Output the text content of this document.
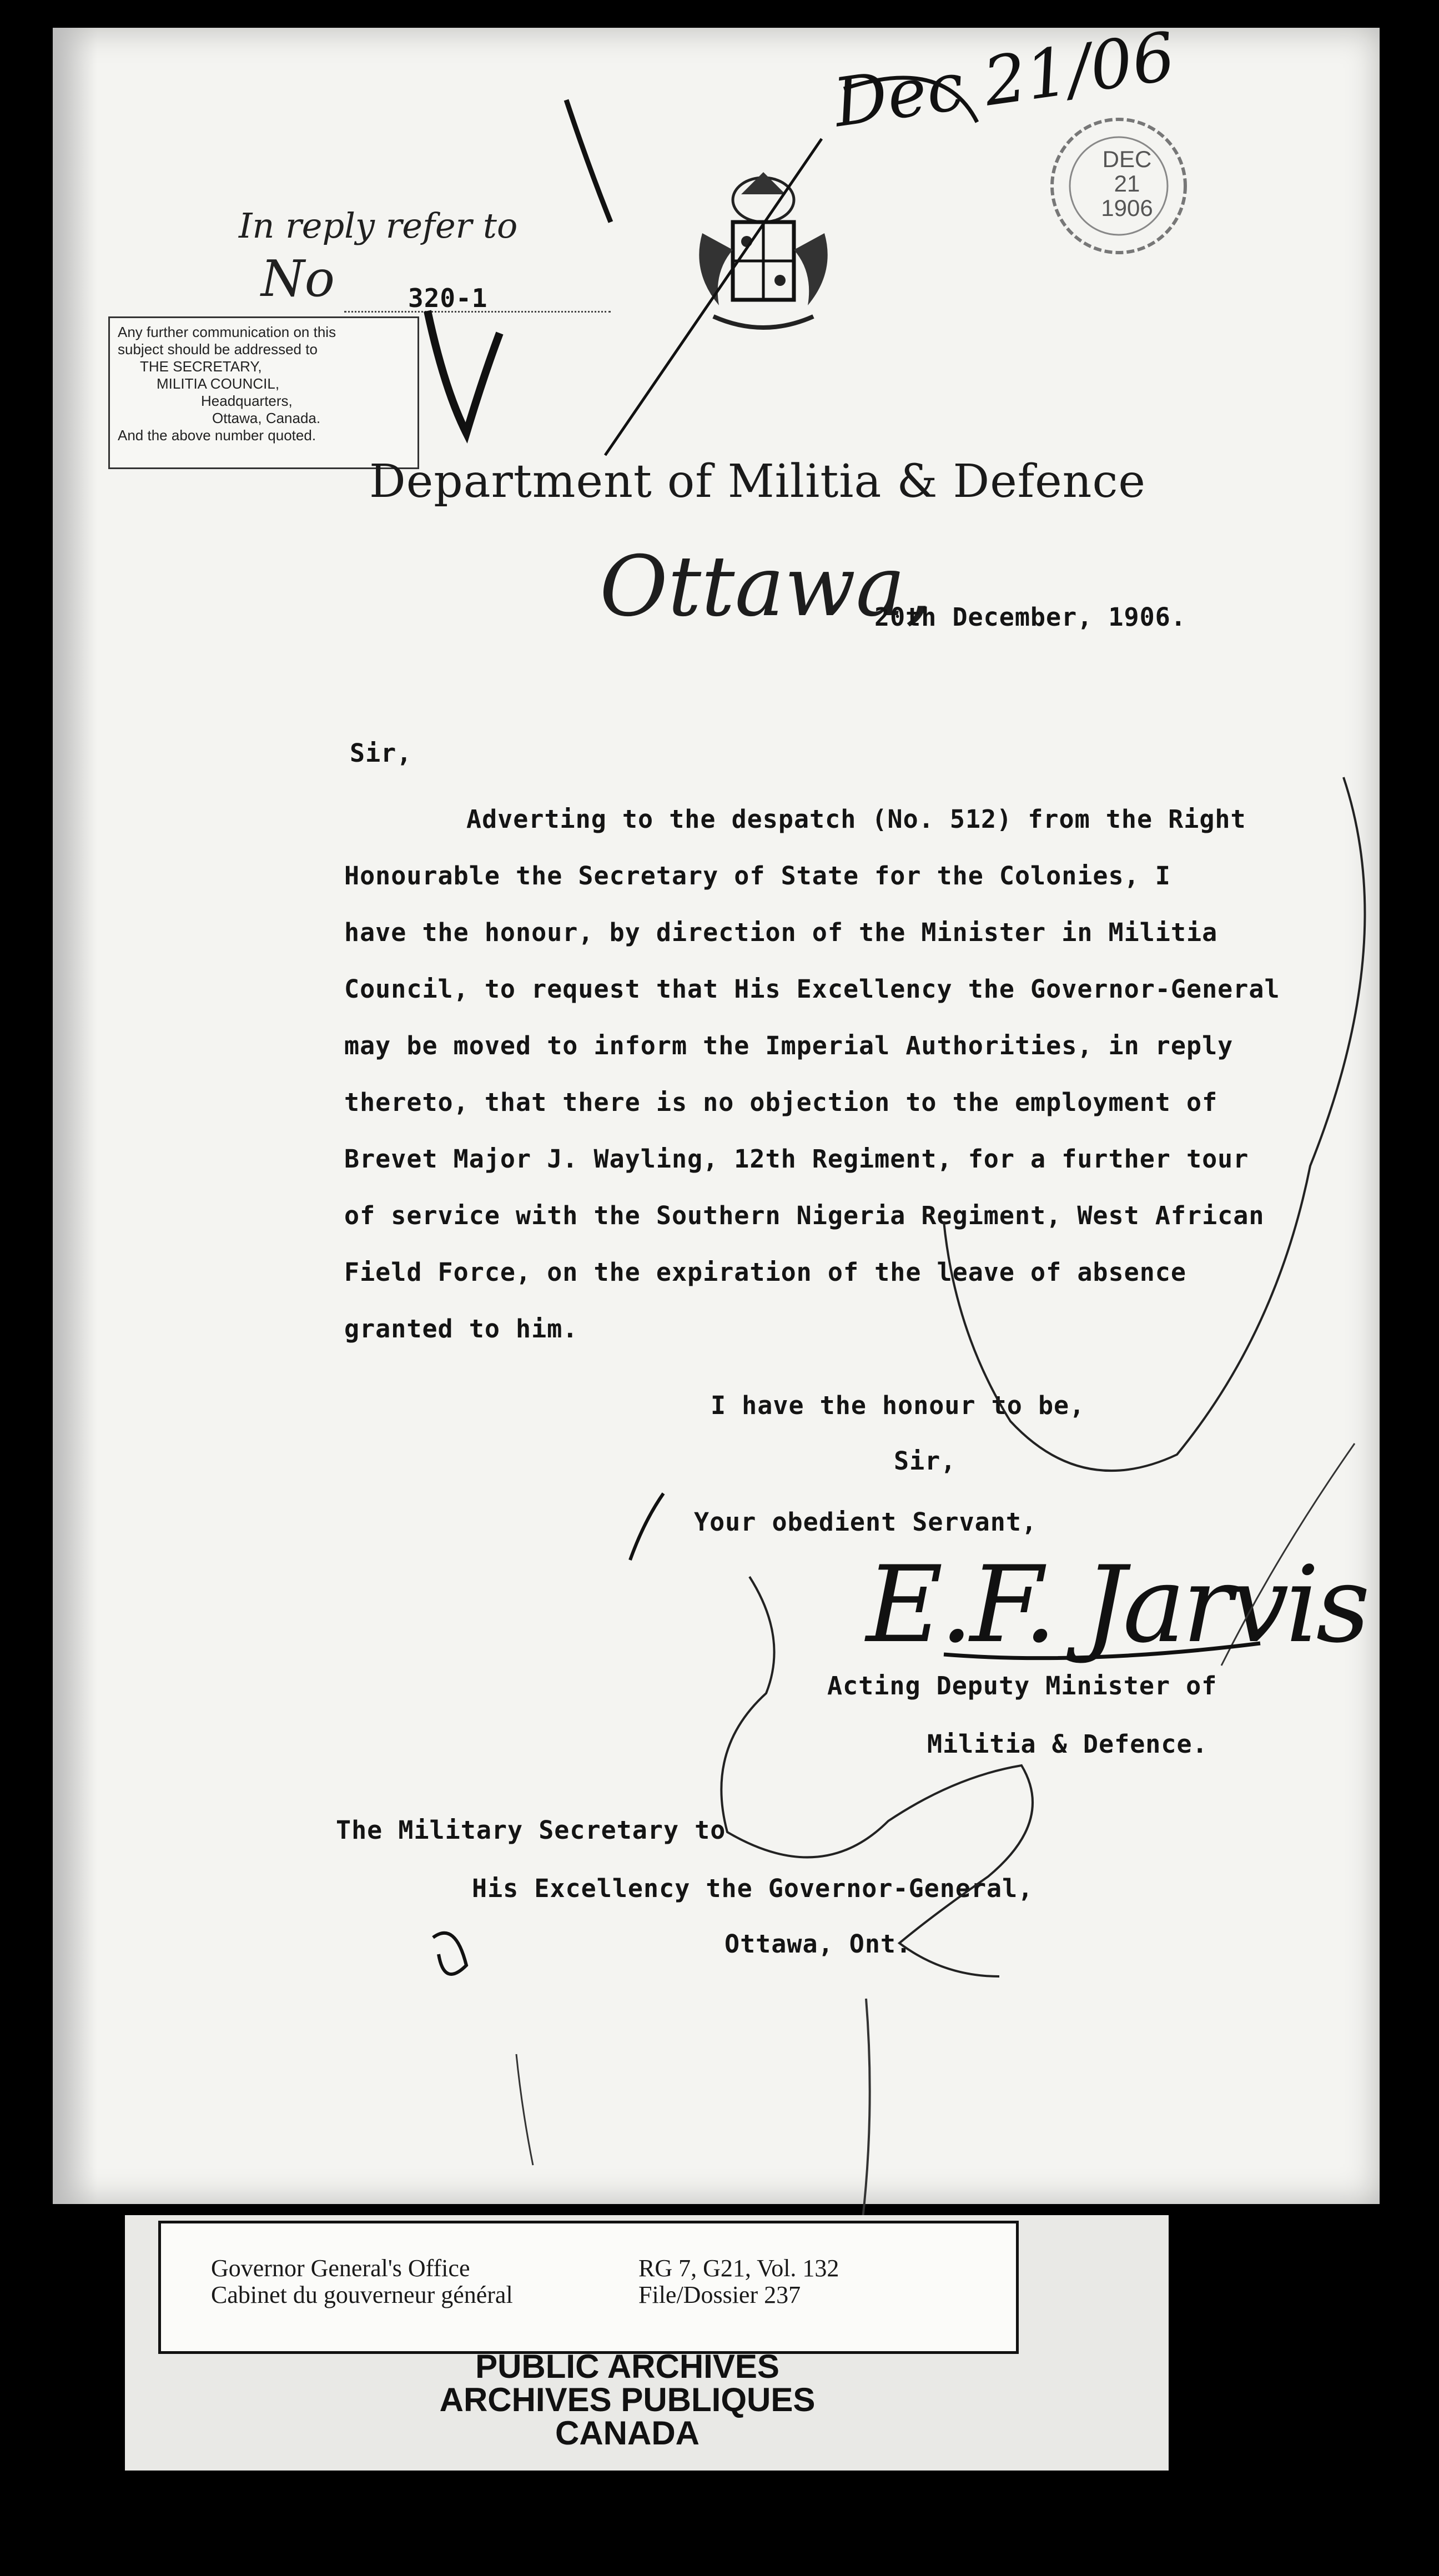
In reply refer to
No	320-1
Any further communication on this
subject should be addressed to
THE SECRETARY,
MILITIA COUNCIL,
Headquarters,
Ottawa, Canada.
And the above number quoted.
DEC
21
1906
Department of Militia & Defence
Ottawa,
20th December, 1906.
Sir,
Adverting to the despatch (No. 512) from the Right
Honourable the Secretary of State for the Colonies, I
have the honour, by direction of the Minister in Militia
Council, to request that His Excellency the Governor-General
may be moved to inform the Imperial Authorities, in reply
thereto, that there is no objection to the employment of
Brevet Major J. Wayling, 12th Regiment, for a further tour
of service with the Southern Nigeria Regiment, West African
Field Force, on the expiration of the leave of absence
granted to him.
I have the honour to be,
Sir,
Your obedient Servant,
E.F. Jarvis
Acting Deputy Minister of
Militia & Defence.
The Military Secretary to
His Excellency the Governor-General,
Ottawa, Ont.
Dec 21/06
Governor General's Office
Cabinet du gouverneur général
RG 7, G21, Vol. 132
File/Dossier 237
PUBLIC ARCHIVES
ARCHIVES PUBLIQUES
CANADA
